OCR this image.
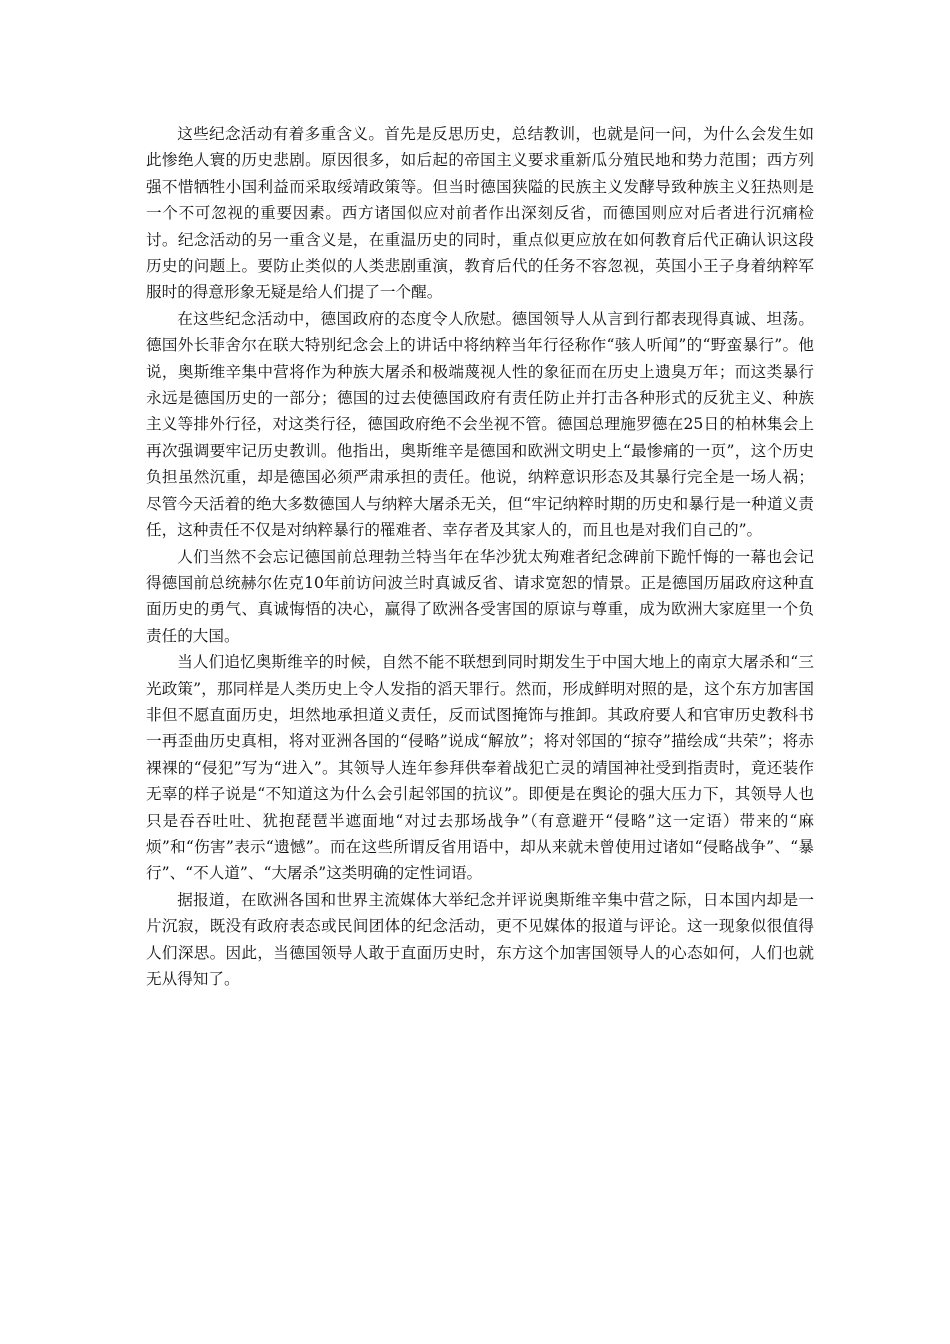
这些纪念活动有着多重含义。首先是反思历史，总结教训，也就是问一问，为什么会发生如此惨绝人寰的历史悲剧。原因很多，如后起的帝国主义要求重新瓜分殖民地和势力范围；西方列强不惜牺牲小国利益而采取绥靖政策等。但当时德国狭隘的民族主义发酵导致种族主义狂热则是一个不可忽视的重要因素。西方诸国似应对前者作出深刻反省，而德国则应对后者进行沉痛检讨。纪念活动的另一重含义是，在重温历史的同时，重点似更应放在如何教育后代正确认识这段历史的问题上。要防止类似的人类悲剧重演，教育后代的任务不容忽视，英国小王子身着纳粹军服时的得意形象无疑是给人们提了一个醒。

在这些纪念活动中，德国政府的态度令人欣慰。德国领导人从言到行都表现得真诚、坦荡。德国外长菲舍尔在联大特别纪念会上的讲话中将纳粹当年行径称作“骇人听闻”的“野蛮暴行”。他说，奥斯维辛集中营将作为种族大屠杀和极端蔑视人性的象征而在历史上遗臭万年；而这类暴行永远是德国历史的一部分；德国的过去使德国政府有责任防止并打击各种形式的反犹主义、种族主义等排外行径，对这类行径，德国政府绝不会坐视不管。德国总理施罗德在25日的柏林集会上再次强调要牢记历史教训。他指出，奥斯维辛是德国和欧洲文明史上“最惨痛的一页”，这个历史负担虽然沉重，却是德国必须严肃承担的责任。他说，纳粹意识形态及其暴行完全是一场人祸；尽管今天活着的绝大多数德国人与纳粹大屠杀无关，但“牢记纳粹时期的历史和暴行是一种道义责任，这种责任不仅是对纳粹暴行的罹难者、幸存者及其家人的，而且也是对我们自己的”。

人们当然不会忘记德国前总理勃兰特当年在华沙犹太殉难者纪念碑前下跪忏悔的一幕也会记得德国前总统赫尔佐克10年前访问波兰时真诚反省、请求宽恕的情景。正是德国历届政府这种直面历史的勇气、真诚悔悟的决心，赢得了欧洲各受害国的原谅与尊重，成为欧洲大家庭里一个负责任的大国。

当人们追忆奥斯维辛的时候，自然不能不联想到同时期发生于中国大地上的南京大屠杀和“三光政策”，那同样是人类历史上令人发指的滔天罪行。然而，形成鲜明对照的是，这个东方加害国非但不愿直面历史，坦然地承担道义责任，反而试图掩饰与推卸。其政府要人和官审历史教科书一再歪曲历史真相，将对亚洲各国的“侵略”说成“解放”；将对邻国的“掠夺”描绘成“共荣”；将赤裸裸的“侵犯”写为“进入”。其领导人连年参拜供奉着战犯亡灵的靖国神社受到指责时，竟还装作无辜的样子说是“不知道这为什么会引起邻国的抗议”。即便是在舆论的强大压力下，其领导人也只是吞吞吐吐、犹抱琵琶半遮面地“对过去那场战争”（有意避开“侵略”这一定语）带来的“麻烦”和“伤害”表示“遗憾”。而在这些所谓反省用语中，却从来就未曾使用过诸如“侵略战争”、“暴行”、“不人道”、“大屠杀”这类明确的定性词语。

据报道，在欧洲各国和世界主流媒体大举纪念并评说奥斯维辛集中营之际，日本国内却是一片沉寂，既没有政府表态或民间团体的纪念活动，更不见媒体的报道与评论。这一现象似很值得人们深思。因此，当德国领导人敢于直面历史时，东方这个加害国领导人的心态如何，人们也就无从得知了。
